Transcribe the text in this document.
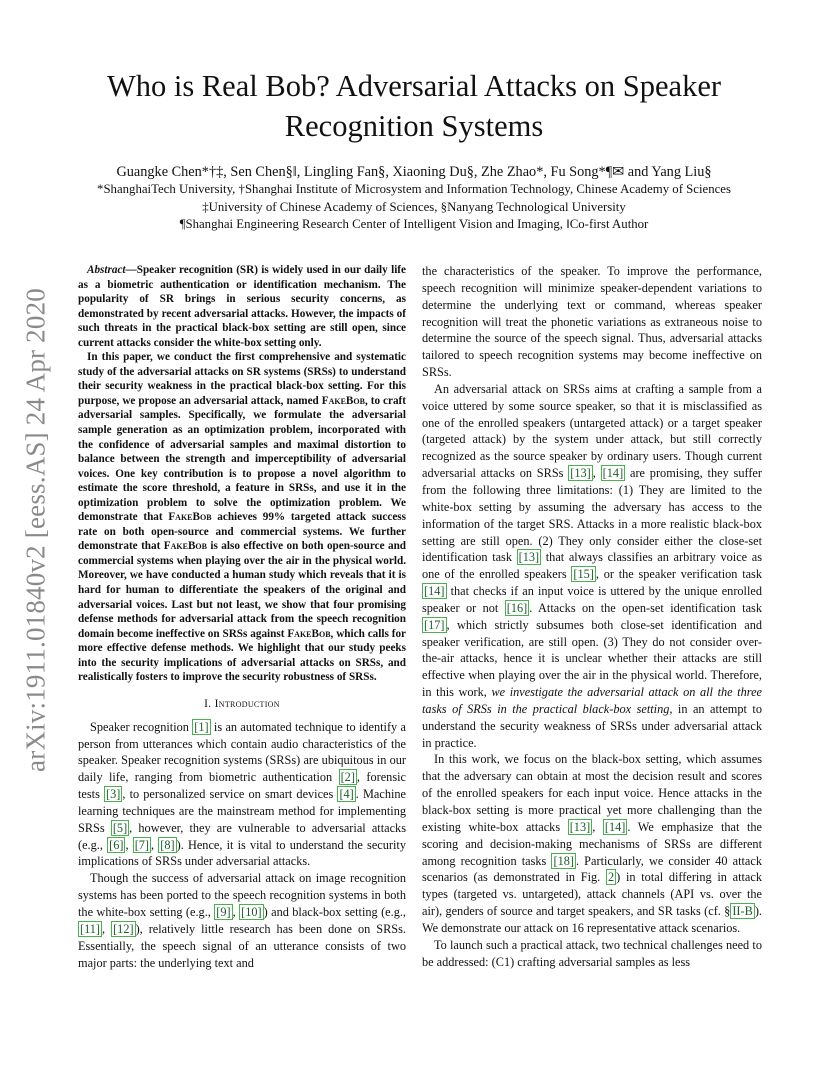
arXiv:1911.01840v2 [eess.AS] 24 Apr 2020
Who is Real Bob? Adversarial Attacks on Speaker Recognition Systems
Guangke Chen*†‡, Sen Chen§‖, Lingling Fan§, Xiaoning Du§, Zhe Zhao*, Fu Song*¶✉ and Yang Liu§
*ShanghaiTech University, †Shanghai Institute of Microsystem and Information Technology, Chinese Academy of Sciences
‡University of Chinese Academy of Sciences, §Nanyang Technological University
¶Shanghai Engineering Research Center of Intelligent Vision and Imaging, ‖Co-first Author

Abstract—Speaker recognition (SR) is widely used in our daily life as a biometric authentication or identification mechanism. The popularity of SR brings in serious security concerns, as demonstrated by recent adversarial attacks. However, the impacts of such threats in the practical black-box setting are still open, since current attacks consider the white-box setting only.

In this paper, we conduct the first comprehensive and systematic study of the adversarial attacks on SR systems (SRSs) to understand their security weakness in the practical black-box setting. For this purpose, we propose an adversarial attack, named FakeBob, to craft adversarial samples. Specifically, we formulate the adversarial sample generation as an optimization problem, incorporated with the confidence of adversarial samples and maximal distortion to balance between the strength and imperceptibility of adversarial voices. One key contribution is to propose a novel algorithm to estimate the score threshold, a feature in SRSs, and use it in the optimization problem to solve the optimization problem. We demonstrate that FakeBob achieves 99% targeted attack success rate on both open-source and commercial systems. We further demonstrate that FakeBob is also effective on both open-source and commercial systems when playing over the air in the physical world. Moreover, we have conducted a human study which reveals that it is hard for human to differentiate the speakers of the original and adversarial voices. Last but not least, we show that four promising defense methods for adversarial attack from the speech recognition domain become ineffective on SRSs against FakeBob, which calls for more effective defense methods. We highlight that our study peeks into the security implications of adversarial attacks on SRSs, and realistically fosters to improve the security robustness of SRSs.

I. Introduction

Speaker recognition [1] is an automated technique to identify a person from utterances which contain audio characteristics of the speaker. Speaker recognition systems (SRSs) are ubiquitous in our daily life, ranging from biometric authentication [2] , forensic tests [3] , to personalized service on smart devices [4] . Machine learning techniques are the mainstream method for implementing SRSs [5] , however, they are vulnerable to adversarial attacks (e.g., [6] , [7] , [8] ). Hence, it is vital to understand the security implications of SRSs under adversarial attacks.

Though the success of adversarial attack on image recognition systems has been ported to the speech recognition systems in both the white-box setting (e.g., [9] , [10] ) and black-box setting (e.g., [11] , [12] ), relatively little research has been done on SRSs. Essentially, the speech signal of an utterance consists of two major parts: the underlying text and

the characteristics of the speaker. To improve the performance, speech recognition will minimize speaker-dependent variations to determine the underlying text or command, whereas speaker recognition will treat the phonetic variations as extraneous noise to determine the source of the speech signal. Thus, adversarial attacks tailored to speech recognition systems may become ineffective on SRSs.

An adversarial attack on SRSs aims at crafting a sample from a voice uttered by some source speaker, so that it is misclassified as one of the enrolled speakers (untargeted attack) or a target speaker (targeted attack) by the system under attack, but still correctly recognized as the source speaker by ordinary users. Though current adversarial attacks on SRSs [13] , [14] are promising, they suffer from the following three limitations: (1) They are limited to the white-box setting by assuming the adversary has access to the information of the target SRS. Attacks in a more realistic black-box setting are still open. (2) They only consider either the close-set identification task [13] that always classifies an arbitrary voice as one of the enrolled speakers [15] , or the speaker verification task [14] that checks if an input voice is uttered by the unique enrolled speaker or not [16] . Attacks on the open-set identification task [17] , which strictly subsumes both close-set identification and speaker verification, are still open. (3) They do not consider over-the-air attacks, hence it is unclear whether their attacks are still effective when playing over the air in the physical world. Therefore, in this work, we investigate the adversarial attack on all the three tasks of SRSs in the practical black-box setting, in an attempt to understand the security weakness of SRSs under adversarial attack in practice.

In this work, we focus on the black-box setting, which assumes that the adversary can obtain at most the decision result and scores of the enrolled speakers for each input voice. Hence attacks in the black-box setting is more practical yet more challenging than the existing white-box attacks [13] , [14] . We emphasize that the scoring and decision-making mechanisms of SRSs are different among recognition tasks [18] . Particularly, we consider 40 attack scenarios (as demonstrated in Fig. 2 ) in total differing in attack types (targeted vs. untargeted), attack channels (API vs. over the air), genders of source and target speakers, and SR tasks (cf. § II-B ). We demonstrate our attack on 16 representative attack scenarios.

To launch such a practical attack, two technical challenges need to be addressed: (C1) crafting adversarial samples as less
